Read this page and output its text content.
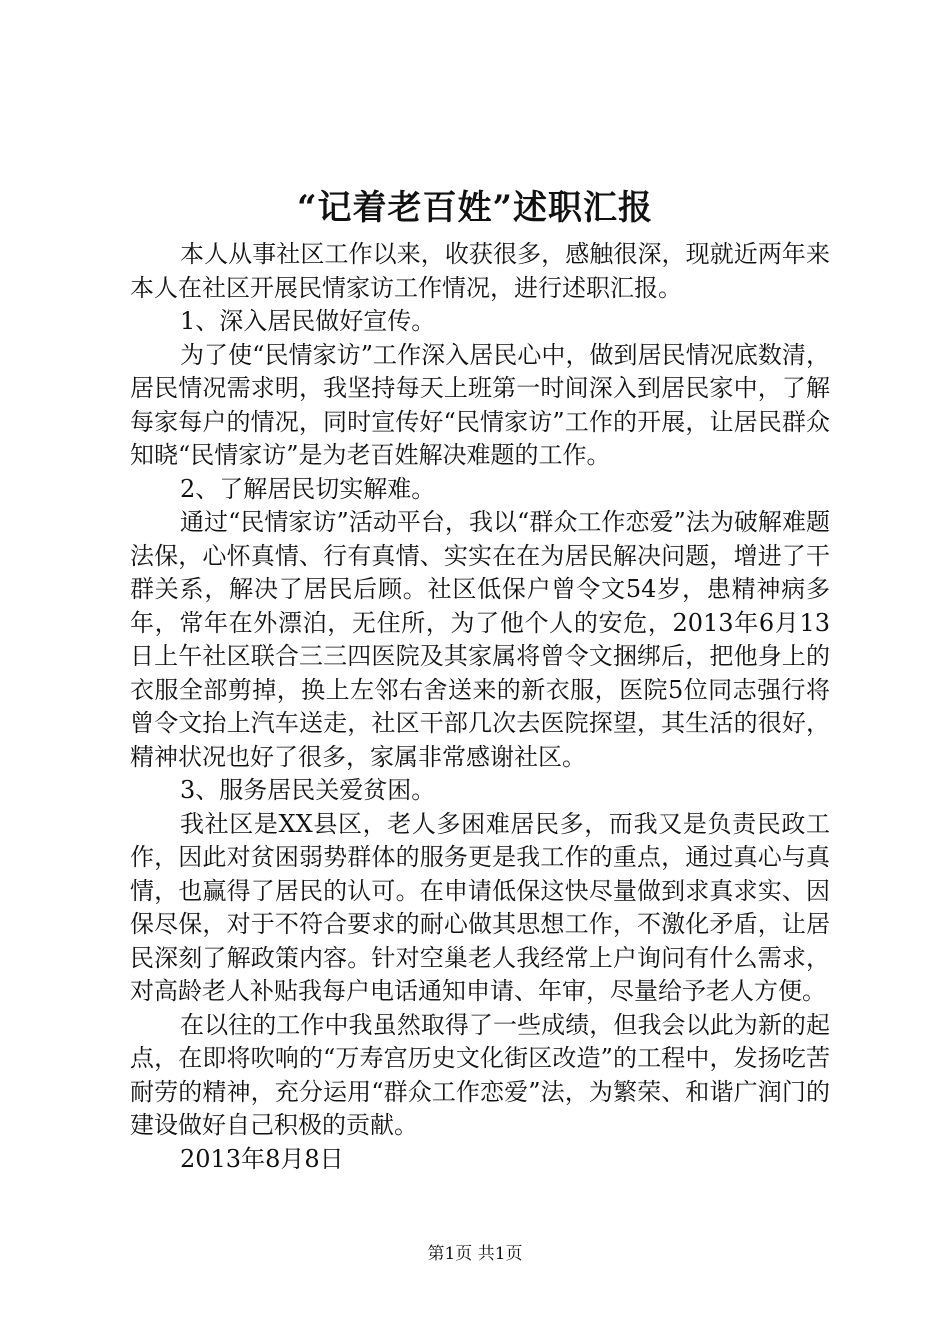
“记着老百姓”述职汇报

本人从事社区工作以来，收获很多，感触很深，现就近两年来本人在社区开展民情家访工作情况，进行述职汇报。

1、深入居民做好宣传。

为了使“民情家访”工作深入居民心中，做到居民情况底数清，居民情况需求明，我坚持每天上班第一时间深入到居民家中，了解每家每户的情况，同时宣传好“民情家访”工作的开展，让居民群众知晓“民情家访”是为老百姓解决难题的工作。

2、了解居民切实解难。

通过“民情家访”活动平台，我以“群众工作恋爱”法为破解难题法保，心怀真情、行有真情、实实在在为居民解决问题，增进了干群关系，解决了居民后顾。社区低保户曾令文54岁，患精神病多年，常年在外漂泊，无住所，为了他个人的安危，2013年6月13日上午社区联合三三四医院及其家属将曾令文捆绑后，把他身上的衣服全部剪掉，换上左邻右舍送来的新衣服，医院5位同志强行将曾令文抬上汽车送走，社区干部几次去医院探望，其生活的很好，精神状况也好了很多，家属非常感谢社区。

3、服务居民关爱贫困。

我社区是XX县区，老人多困难居民多，而我又是负责民政工作，因此对贫困弱势群体的服务更是我工作的重点，通过真心与真情，也赢得了居民的认可。在申请低保这快尽量做到求真求实、因保尽保，对于不符合要求的耐心做其思想工作，不激化矛盾，让居民深刻了解政策内容。针对空巢老人我经常上户询问有什么需求，对高龄老人补贴我每户电话通知申请、年审，尽量给予老人方便。

在以往的工作中我虽然取得了一些成绩，但我会以此为新的起点，在即将吹响的“万寿宫历史文化街区改造”的工程中，发扬吃苦耐劳的精神，充分运用“群众工作恋爱”法，为繁荣、和谐广润门的建设做好自己积极的贡献。

2013年8月8日

第1页 共1页
